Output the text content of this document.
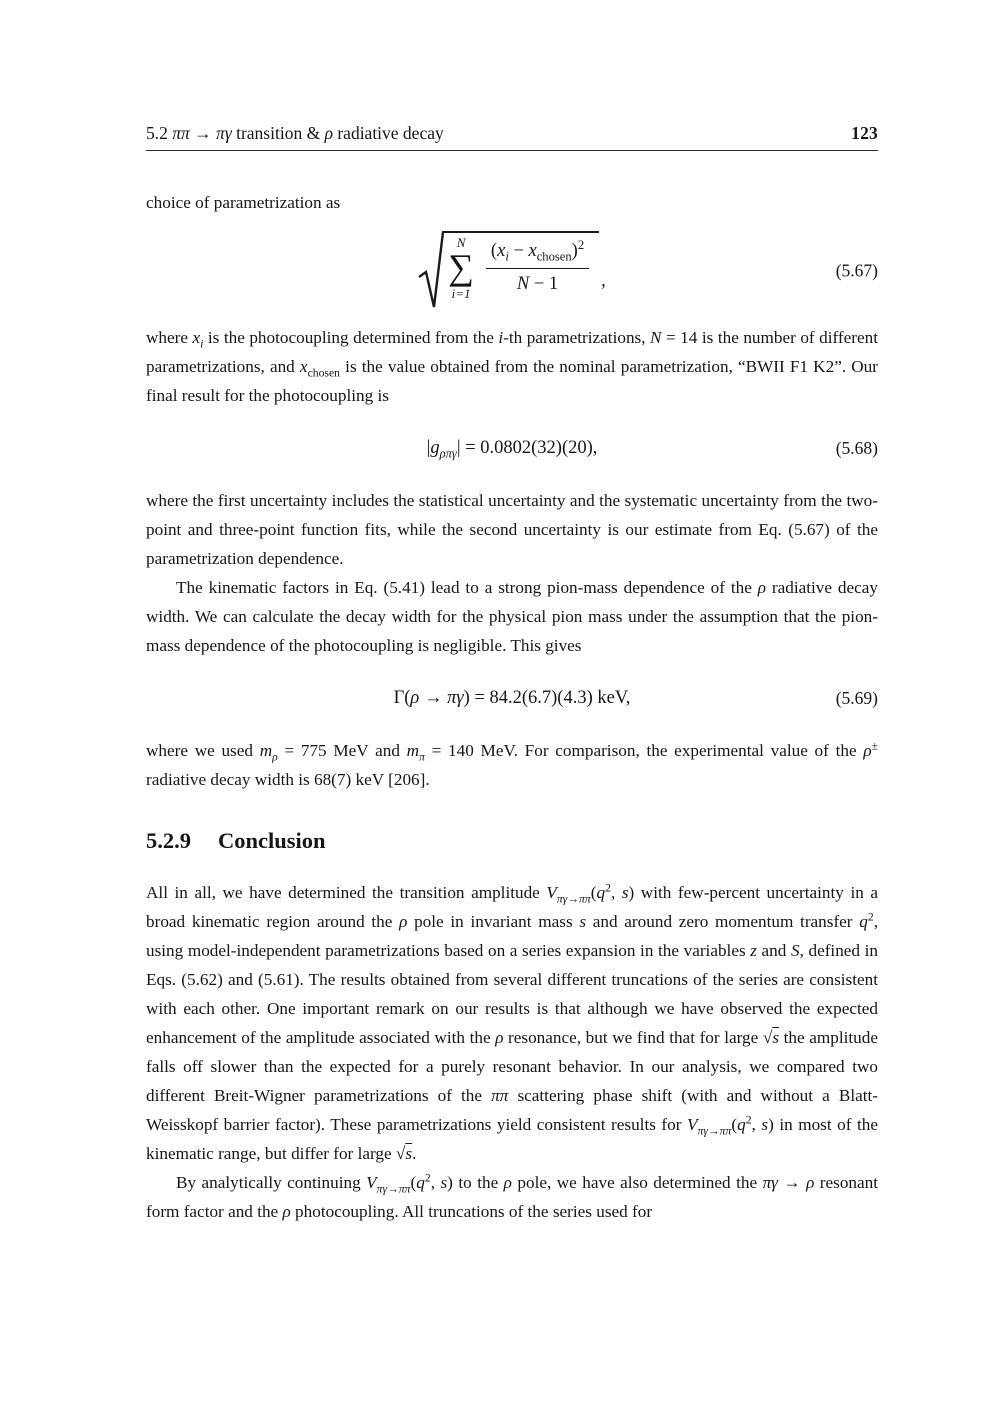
5.2 ππ → πγ transition & ρ radiative decay	123

choice of parametrization as

N
∑
$i=1 \frac{(x_i - x_{chosen})^2}{N - 1}$ ,
(5.67)

where $x_i$ is the photocoupling determined from the i-th parametrizations, N = 14 is the number of different parametrizations, and $x_{chosen}$ is the value obtained from the nominal parametrization, “BWII F1 K2”. Our final result for the photocoupling is

$|g_{\rho\pi\gamma}| = 0.0802(32)(20)$,	(5.68)

where the first uncertainty includes the statistical uncertainty and the systematic uncertainty from the two-point and three-point function fits, while the second uncertainty is our estimate from Eq. (5.67) of the parametrization dependence.

The kinematic factors in Eq. (5.41) lead to a strong pion-mass dependence of the ρ radiative decay width. We can calculate the decay width for the physical pion mass under the assumption that the pion-mass dependence of the photocoupling is negligible. This gives

Γ(ρ → πγ) = 84.2(6.7)(4.3) keV,	(5.69)

where we used $m_\rho = 775$ MeV and $m_\pi = 140$ MeV. For comparison, the experimental value of the ρ± radiative decay width is 68(7) keV [206].

5.2.9 Conclusion

All in all, we have determined the transition amplitude $V_{\pi\gamma\to\pi\pi}(q^2$, s) with few-percent uncertainty in a broad kinematic region around the ρ pole in invariant mass s and around zero momentum transfer $q^2$, using model-independent parametrizations based on a series expansion in the variables z and S, defined in Eqs. (5.62) and (5.61). The results obtained from several different truncations of the series are consistent with each other. One important remark on our results is that although we have observed the expected enhancement of the amplitude associated with the ρ resonance, but we find that for large √s the amplitude falls off slower than the expected for a purely resonant behavior. In our analysis, we compared two different Breit-Wigner parametrizations of the ππ scattering phase shift (with and without a Blatt-Weisskopf barrier factor). These parametrizations yield consistent results for $V_{\pi\gamma\to\pi\pi}(q^2$, s) in most of the kinematic range, but differ for large √s.

By analytically continuing $V_{\pi\gamma\to\pi\pi}(q^2$, s) to the ρ pole, we have also determined the πγ → ρ resonant form factor and the ρ photocoupling. All truncations of the series used for
